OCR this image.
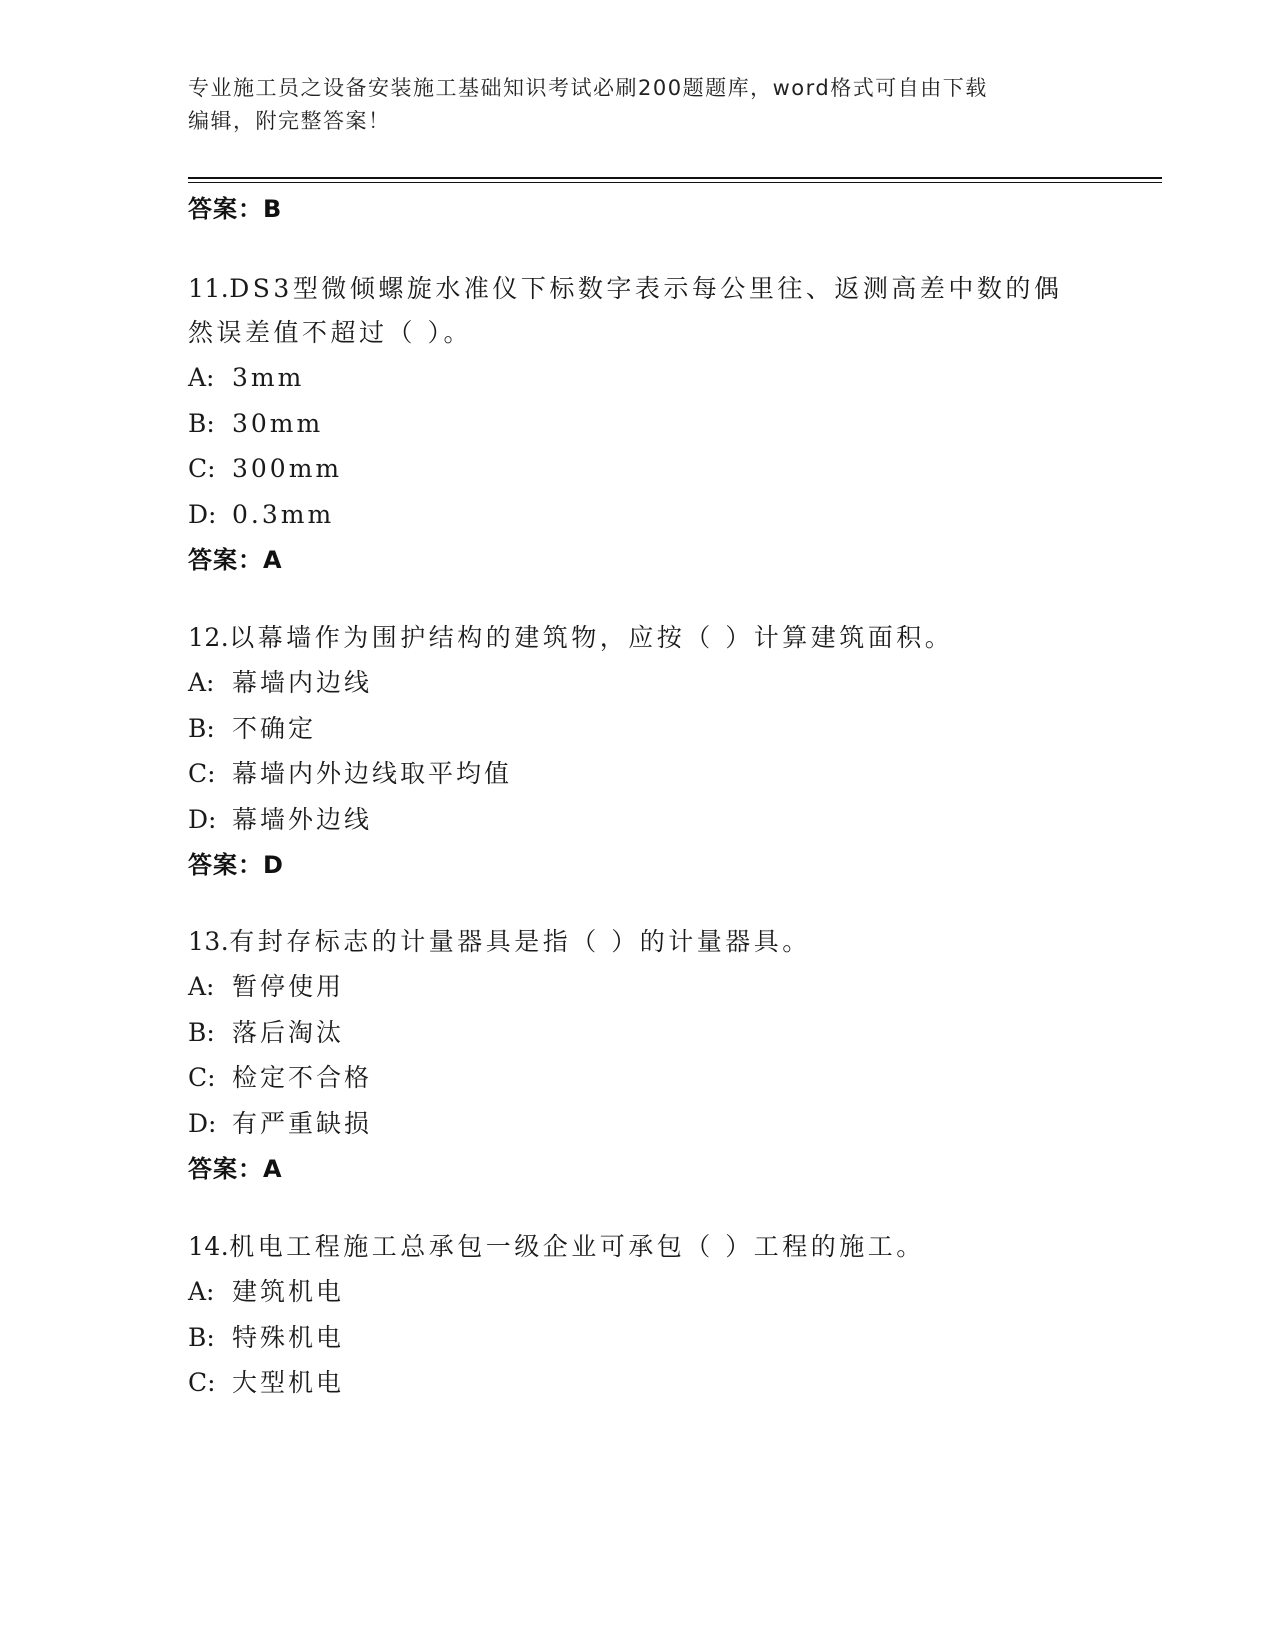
专业施工员之设备安装施工基础知识考试必刷200题题库，word格式可自由下载
编辑，附完整答案！
答案：B
11.DS3型微倾螺旋水准仪下标数字表示每公里往、返测高差中数的偶
然误差值不超过（ ）。
A: 3mm
B: 30mm
C: 300mm
D: 0.3mm
答案：A
12.以幕墙作为围护结构的建筑物，应按（ ）计算建筑面积。
A: 幕墙内边线
B: 不确定
C: 幕墙内外边线取平均值
D: 幕墙外边线
答案：D
13.有封存标志的计量器具是指（ ）的计量器具。
A: 暂停使用
B: 落后淘汰
C: 检定不合格
D: 有严重缺损
答案：A
14.机电工程施工总承包一级企业可承包（ ）工程的施工。
A: 建筑机电
B: 特殊机电
C: 大型机电
